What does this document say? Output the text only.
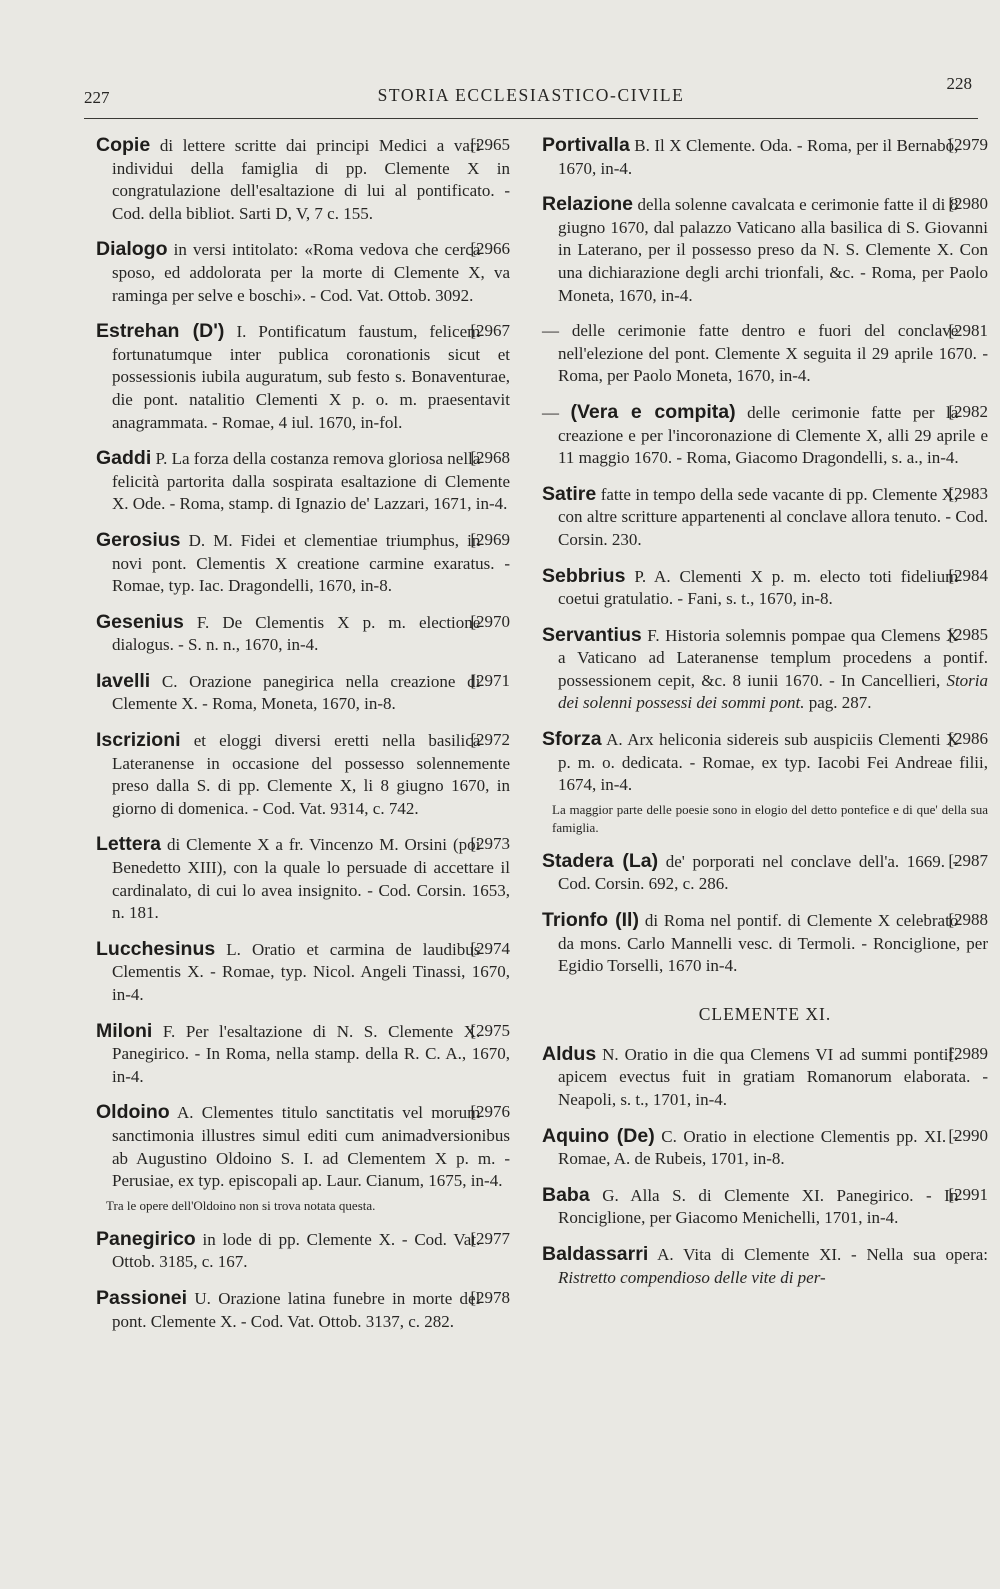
227	STORIA ECCLESIASTICO-CIVILE
228
[2965
Copie di lettere scritte dai principi Medici a vari individui della famiglia di pp. Clemente X in congratulazione dell'esaltazione di lui al pontificato. - Cod. della bibliot. Sarti D, V, 7 c. 155.
[2966
Dialogo in versi intitolato: «Roma vedova che cerca sposo, ed addolorata per la morte di Clemente X, va raminga per selve e boschi». - Cod. Vat. Ottob. 3092.
[2967
Estrehan (D') I. Pontificatum faustum, felicem fortunatumque inter publica coronationis sicut et possessionis iubila auguratum, sub festo s. Bonaventurae, die pont. natalitio Clementi X p. o. m. praesentavit anagrammata. - Romae, 4 iul. 1670, in-fol.
[2968
Gaddi P. La forza della costanza remova gloriosa nella felicità partorita dalla sospirata esaltazione di Clemente X. Ode. - Roma, stamp. di Ignazio de' Lazzari, 1671, in-4.
[2969
Gerosius D. M. Fidei et clementiae triumphus, in novi pont. Clementis X creatione carmine exaratus. - Romae, typ. Iac. Dragondelli, 1670, in-8.
[2970
Gesenius F. De Clementis X p. m. electione dialogus. - S. n. n., 1670, in-4.
[2971
Iavelli C. Orazione panegirica nella creazione di Clemente X. - Roma, Moneta, 1670, in-8.
[2972
Iscrizioni et eloggi diversi eretti nella basilica Lateranense in occasione del possesso solennemente preso dalla S. di pp. Clemente X, li 8 giugno 1670, in giorno di domenica. - Cod. Vat. 9314, c. 742.
[2973
Lettera di Clemente X a fr. Vincenzo M. Orsini (poi Benedetto XIII), con la quale lo persuade di accettare il cardinalato, di cui lo avea insignito. - Cod. Corsin. 1653, n. 181.
[2974
Lucchesinus L. Oratio et carmina de laudibus Clementis X. - Romae, typ. Nicol. Angeli Tinassi, 1670, in-4.
[2975
Miloni F. Per l'esaltazione di N. S. Clemente X. Panegirico. - In Roma, nella stamp. della R. C. A., 1670, in-4.
[2976
Oldoino A. Clementes titulo sanctitatis vel morum sanctimonia illustres simul editi cum animadversionibus ab Augustino Oldoino S. I. ad Clementem X p. m. - Perusiae, ex typ. episcopali ap. Laur. Cianum, 1675, in-4.
Tra le opere dell'Oldoino non si trova notata questa.
[2977
Panegirico in lode di pp. Clemente X. - Cod. Vat. Ottob. 3185, c. 167.
[2978
Passionei U. Orazione latina funebre in morte del pont. Clemente X. - Cod. Vat. Ottob. 3137, c. 282.
[2979
Portivalla B. Il X Clemente. Oda. - Roma, per il Bernabò, 1670, in-4.
[2980
Relazione della solenne cavalcata e cerimonie fatte il di 8 giugno 1670, dal palazzo Vaticano alla basilica di S. Giovanni in Laterano, per il possesso preso da N. S. Clemente X. Con una dichiarazione degli archi trionfali, &c. - Roma, per Paolo Moneta, 1670, in-4.
[2981
— delle cerimonie fatte dentro e fuori del conclave nell'elezione del pont. Clemente X seguita il 29 aprile 1670. - Roma, per Paolo Moneta, 1670, in-4.
[2982
— (Vera e compita) delle cerimonie fatte per la creazione e per l'incoronazione di Clemente X, alli 29 aprile e 11 maggio 1670. - Roma, Giacomo Dragondelli, s. a., in-4.
[2983
Satire fatte in tempo della sede vacante di pp. Clemente X, con altre scritture appartenenti al conclave allora tenuto. - Cod. Corsin. 230.
[2984
Sebbrius P. A. Clementi X p. m. electo toti fidelium coetui gratulatio. - Fani, s. t., 1670, in-8.
[2985
Servantius F. Historia solemnis pompae qua Clemens X a Vaticano ad Lateranense templum procedens a pontif. possessionem cepit, &c. 8 iunii 1670. - In Cancellieri, Storia dei solenni possessi dei sommi pont. pag. 287.
[2986
Sforza A. Arx heliconia sidereis sub auspiciis Clementi X p. m. o. dedicata. - Romae, ex typ. Iacobi Fei Andreae filii, 1674, in-4.
La maggior parte delle poesie sono in elogio del detto pontefice e di que' della sua famiglia.
[2987
Stadera (La) de' porporati nel conclave dell'a. 1669. - Cod. Corsin. 692, c. 286.
[2988
Trionfo (Il) di Roma nel pontif. di Clemente X celebrato da mons. Carlo Mannelli vesc. di Termoli. - Ronciglione, per Egidio Torselli, 1670 in-4.
CLEMENTE XI.
[2989
Aldus N. Oratio in die qua Clemens VI ad summi pontif. apicem evectus fuit in gratiam Romanorum elaborata. - Neapoli, s. t., 1701, in-4.
[2990
Aquino (De) C. Oratio in electione Clementis pp. XI. - Romae, A. de Rubeis, 1701, in-8.
[2991
Baba G. Alla S. di Clemente XI. Panegirico. - In Ronciglione, per Giacomo Menichelli, 1701, in-4.
Baldassarri A. Vita di Clemente XI. - Nella sua opera: Ristretto compendioso delle vite di per-
